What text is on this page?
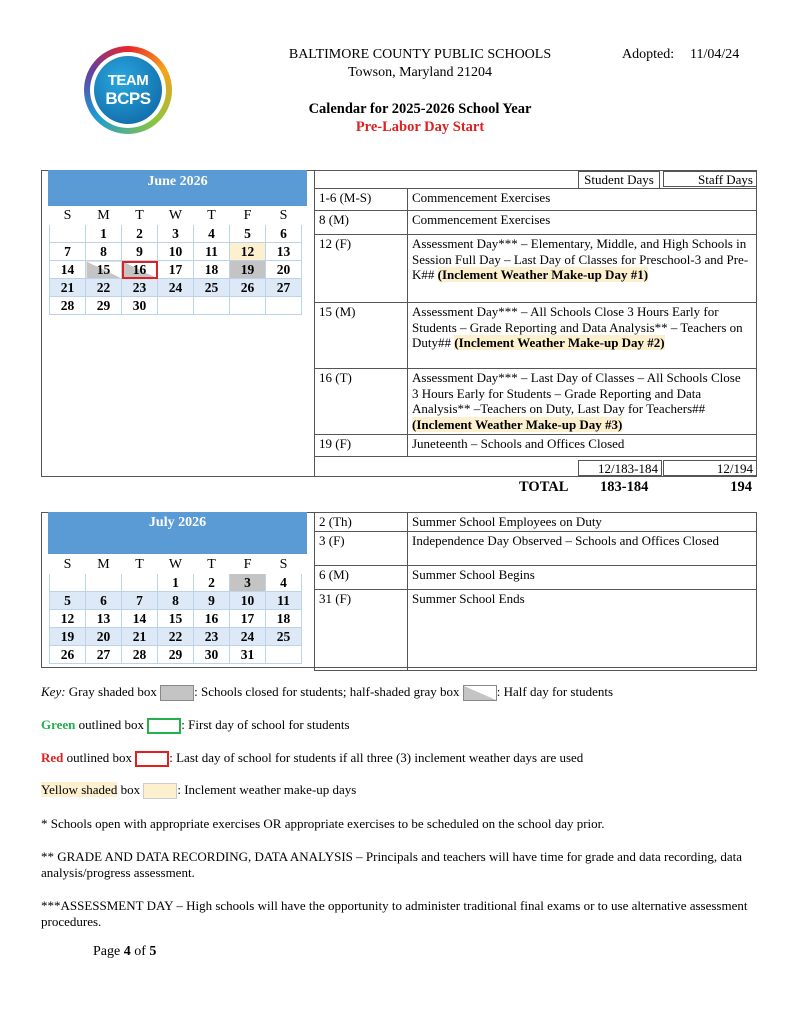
TEAM
BCPS
BALTIMORE COUNTY PUBLIC SCHOOLS
Towson, Maryland 21204
Adopted: 11/04/24
Calendar for 2025-2026 School Year
Pre-Labor Day Start
June 2026
S	M	T	W	T	F	S
	1	2	3	4	5	6
7	8	9	10	11	12	13
14	15	16	17	18	19	20
21	22	23	24	25	26	27
28	29	30				
Student Days	Staff Days
1-6 (M-S)	Commencement Exercises
8 (M)	Commencement Exercises
12 (F)	Assessment Day*** – Elementary, Middle, and High Schools in Session Full Day – Last Day of Classes for Preschool-3 and Pre-K## (Inclement Weather Make-up Day #1)
15 (M)	Assessment Day*** – All Schools Close 3 Hours Early for Students – Grade Reporting and Data Analysis** – Teachers on Duty## (Inclement Weather Make-up Day #2)
16 (T)	Assessment Day*** – Last Day of Classes – All Schools Close 3 Hours Early for Students – Grade Reporting and Data Analysis** –Teachers on Duty, Last Day for Teachers## (Inclement Weather Make-up Day #3)
19 (F)	Juneteenth – Schools and Offices Closed
12/183-184	12/194
TOTAL 183-184	194
July 2026
S	M	T	W	T	F	S
			1	2	3	4
5	6	7	8	9	10	11
12	13	14	15	16	17	18
19	20	21	22	23	24	25
26	27	28	29	30	31	
2 (Th)	Summer School Employees on Duty
3 (F)	Independence Day Observed – Schools and Offices Closed
6 (M)	Summer School Begins
31 (F)	Summer School Ends
Key: Gray shaded box	: Schools closed for students; half-shaded gray box	: Half day for students
Green outlined box	: First day of school for students
Red outlined box	: Last day of school for students if all three (3) inclement weather days are used
Yellow shaded box	: Inclement weather make-up days
* Schools open with appropriate exercises OR appropriate exercises to be scheduled on the school day prior.
** GRADE AND DATA RECORDING, DATA ANALYSIS – Principals and teachers will have time for grade and data recording, data analysis/progress assessment.
***ASSESSMENT DAY – High schools will have the opportunity to administer traditional final exams or to use alternative assessment procedures.
Page 4 of 5
